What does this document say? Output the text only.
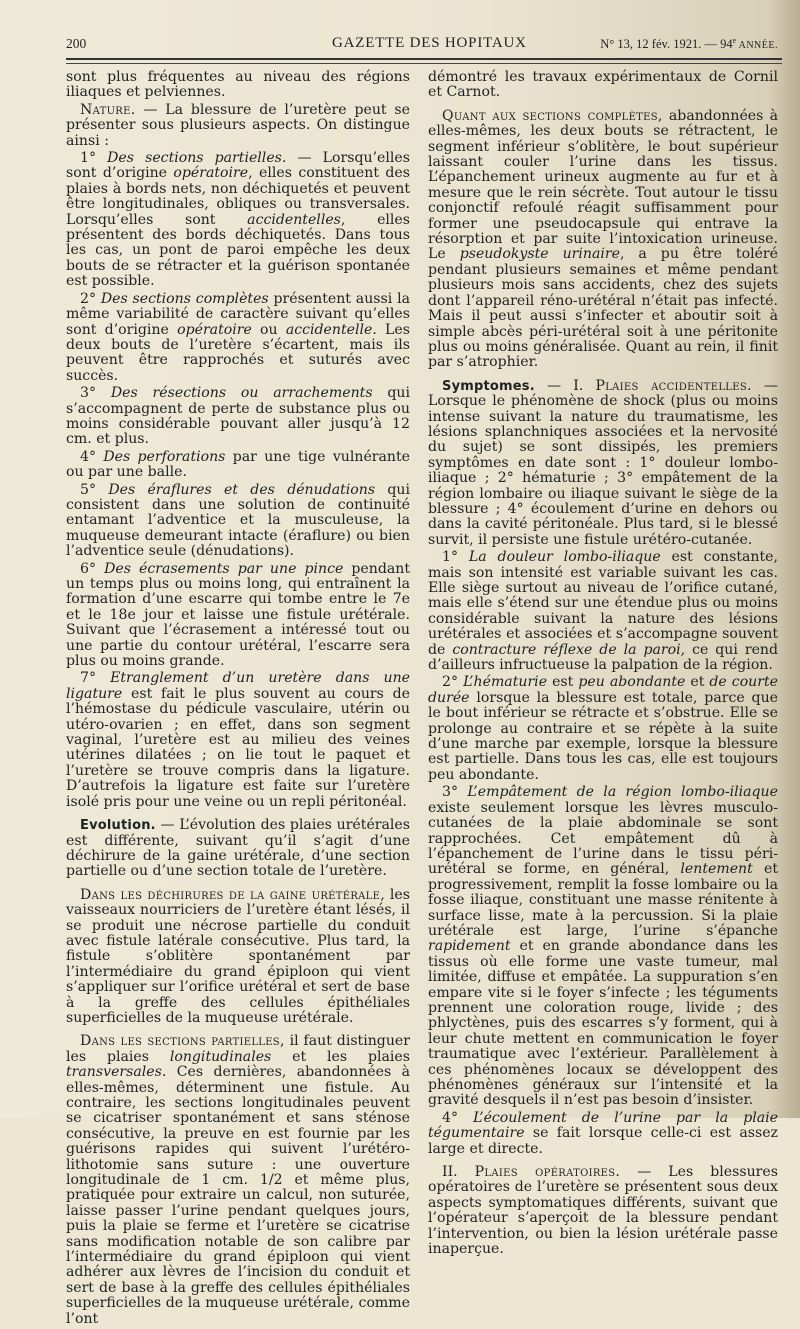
200	GAZETTE DES HOPITAUX	N° 13, 12 fév. 1921. — 94e ANNÉE.

sont plus fréquentes au niveau des régions iliaques et pelviennes.

Nature. — La blessure de l’uretère peut se présenter sous plusieurs aspects. On distingue ainsi :

1° Des sections partielles. — Lorsqu’elles sont d’origine opératoire, elles constituent des plaies à bords nets, non déchiquetés et peuvent être longitudinales, obliques ou transversales. Lorsqu’elles sont accidentelles, elles présentent des bords déchiquetés. Dans tous les cas, un pont de paroi empêche les deux bouts de se rétracter et la guérison spontanée est possible.

2° Des sections complètes présentent aussi la même variabilité de caractère suivant qu’elles sont d’origine opératoire ou accidentelle. Les deux bouts de l’uretère s’écartent, mais ils peuvent être rapprochés et suturés avec succès.

3° Des résections ou arrachements qui s’accompagnent de perte de substance plus ou moins considérable pouvant aller jusqu’à 12 cm. et plus.

4° Des perforations par une tige vulnérante ou par une balle.

5° Des éraflures et des dénudations qui consistent dans une solution de continuité entamant l’adventice et la musculeuse, la muqueuse demeurant intacte (éraflure) ou bien l’adventice seule (dénudations).

6° Des écrasements par une pince pendant un temps plus ou moins long, qui entraînent la formation d’une escarre qui tombe entre le 7e et le 18e jour et laisse une fistule urétérale. Suivant que l’écrasement a intéressé tout ou une partie du contour urétéral, l’escarre sera plus ou moins grande.

7° Etranglement d’un uretère dans une ligature est fait le plus souvent au cours de l’hémostase du pédicule vasculaire, utérin ou utéro-ovarien ; en effet, dans son segment vaginal, l’uretère est au milieu des veines utérines dilatées ; on lie tout le paquet et l’uretère se trouve compris dans la ligature. D’autrefois la ligature est faite sur l’uretère isolé pris pour une veine ou un repli péritonéal.

Evolution. — L’évolution des plaies urétérales est différente, suivant qu’il s’agit d’une déchirure de la gaine urétérale, d’une section partielle ou d’une section totale de l’uretère.

Dans les déchirures de la gaine urétérale, les vaisseaux nourriciers de l’uretère étant lésés, il se produit une nécrose partielle du conduit avec fistule latérale consécutive. Plus tard, la fistule s’oblitère spontanément par l’intermédiaire du grand épiploon qui vient s’appliquer sur l’orifice urétéral et sert de base à la greffe des cellules épithéliales superficielles de la muqueuse urétérale.

Dans les sections partielles, il faut distinguer les plaies longitudinales et les plaies transversales. Ces dernières, abandonnées à elles-mêmes, déterminent une fistule. Au contraire, les sections longitudinales peuvent se cicatriser spontanément et sans sténose consécutive, la preuve en est fournie par les guérisons rapides qui suivent l’urétéro-lithotomie sans suture : une ouverture longitudinale de 1 cm. 1/2 et même plus, pratiquée pour extraire un calcul, non suturée, laisse passer l’urine pendant quelques jours, puis la plaie se ferme et l’uretère se cicatrise sans modification notable de son calibre par l’intermédiaire du grand épiploon qui vient adhérer aux lèvres de l’incision du conduit et sert de base à la greffe des cellules épithéliales superficielles de la muqueuse urétérale, comme l’ont

démontré les travaux expérimentaux de Cornil et Carnot.

Quant aux sections complètes, abandonnées à elles-mêmes, les deux bouts se rétractent, le segment inférieur s’oblitère, le bout supérieur laissant couler l’urine dans les tissus. L’épanchement urineux augmente au fur et à mesure que le rein sécrète. Tout autour le tissu conjonctif refoulé réagit suffisamment pour former une pseudocapsule qui entrave la résorption et par suite l’intoxication urineuse. Le pseudokyste urinaire, a pu être toléré pendant plusieurs semaines et même pendant plusieurs mois sans accidents, chez des sujets dont l’appareil réno-urétéral n’était pas infecté. Mais il peut aussi s’infecter et aboutir soit à simple abcès péri-urétéral soit à une péritonite plus ou moins généralisée. Quant au rein, il finit par s’atrophier.

Symptomes. — I. Plaies accidentelles. — Lorsque le phénomène de shock (plus ou moins intense suivant la nature du traumatisme, les lésions splanchniques associées et la nervosité du sujet) se sont dissipés, les premiers symptômes en date sont : 1° douleur lombo-iliaque ; 2° hématurie ; 3° empâtement de la région lombaire ou iliaque suivant le siège de la blessure ; 4° écoulement d’urine en dehors ou dans la cavité péritonéale. Plus tard, si le blessé survit, il persiste une fistule urétéro-cutanée.

1° La douleur lombo-iliaque est constante, mais son intensité est variable suivant les cas. Elle siège surtout au niveau de l’orifice cutané, mais elle s’étend sur une étendue plus ou moins considérable suivant la nature des lésions urétérales et associées et s’accompagne souvent de contracture réflexe de la paroi, ce qui rend d’ailleurs infructueuse la palpation de la région.

2° L’hématurie est peu abondante et de courte durée lorsque la blessure est totale, parce que le bout inférieur se rétracte et s’obstrue. Elle se prolonge au contraire et se répète à la suite d’une marche par exemple, lorsque la blessure est partielle. Dans tous les cas, elle est toujours peu abondante.

3° L’empâtement de la région lombo-iliaque existe seulement lorsque les lèvres musculo-cutanées de la plaie abdominale se sont rapprochées. Cet empâtement dû à l’épanchement de l’urine dans le tissu péri-urétéral se forme, en général, lentement et progressivement, remplit la fosse lombaire ou la fosse iliaque, constituant une masse rénitente à surface lisse, mate à la percussion. Si la plaie urétérale est large, l’urine s’épanche rapidement et en grande abondance dans les tissus où elle forme une vaste tumeur, mal limitée, diffuse et empâtée. La suppuration s’en empare vite si le foyer s’infecte ; les téguments prennent une coloration rouge, livide ; des phlyctènes, puis des escarres s’y forment, qui à leur chute mettent en communication le foyer traumatique avec l’extérieur. Parallèlement à ces phénomènes locaux se développent des phénomènes généraux sur l’intensité et la gravité desquels il n’est pas besoin d’insister.

4° L’écoulement de l’urine par la plaie tégumentaire se fait lorsque celle-ci est assez large et directe.

II. Plaies opératoires. — Les blessures opératoires de l’uretère se présentent sous deux aspects symptomatiques différents, suivant que l’opérateur s’aperçoit de la blessure pendant l’intervention, ou bien la lésion urétérale passe inaperçue.
